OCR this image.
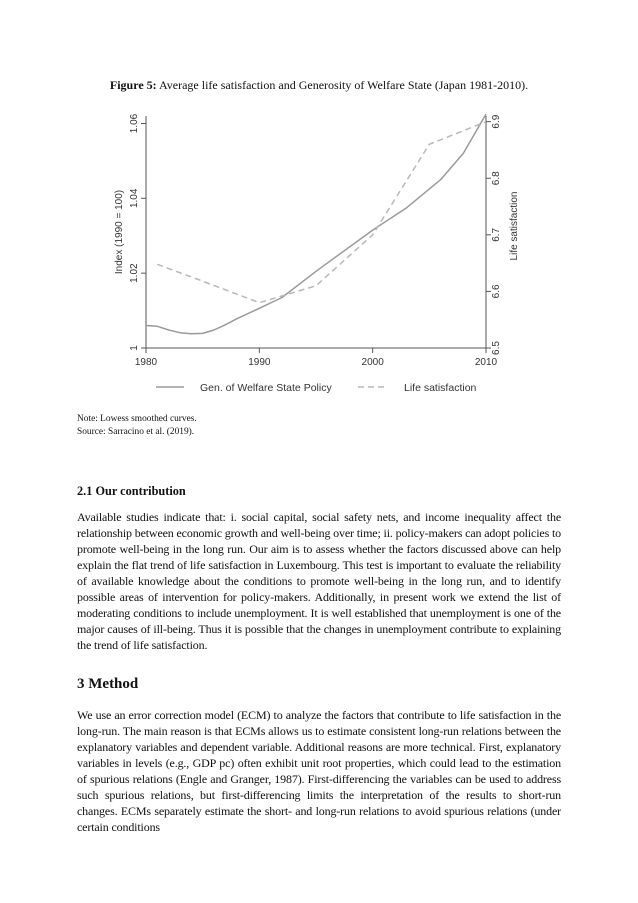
Figure 5: Average life satisfaction and Generosity of Welfare State (Japan 1981-2010).
1980	1990	2000	2010
1
1.02
1.04
1.06
Index (1990 = 100)
6.5
6.6
6.7
6.8
6.9
Life satisfaction
Gen. of Welfare State Policy	Life satisfaction
Note: Lowess smoothed curves.
Source: Sarracino et al. (2019).
2.1 Our contribution
Available studies indicate that: i. social capital, social safety nets, and income inequality affect the relationship between economic growth and well-being over time; ii. policy-makers can adopt policies to promote well-being in the long run. Our aim is to assess whether the factors discussed above can help explain the flat trend of life satisfaction in Luxembourg. This test is important to evaluate the reliability of available knowledge about the conditions to promote well-being in the long run, and to identify possible areas of intervention for policy-makers. Additionally, in present work we extend the list of moderating conditions to include unemployment. It is well established that unemployment is one of the major causes of ill-being. Thus it is possible that the changes in unemployment contribute to explaining the trend of life satisfaction.
3 Method
We use an error correction model (ECM) to analyze the factors that contribute to life satisfaction in the long-run. The main reason is that ECMs allows us to estimate consistent long-run relations between the explanatory variables and dependent variable. Additional reasons are more technical. First, explanatory variables in levels (e.g., GDP pc) often exhibit unit root properties, which could lead to the estimation of spurious relations (Engle and Granger, 1987). First-differencing the variables can be used to address such spurious relations, but first-differencing limits the interpretation of the results to short-run changes. ECMs separately estimate the short- and long-run relations to avoid spurious relations (under certain conditions
